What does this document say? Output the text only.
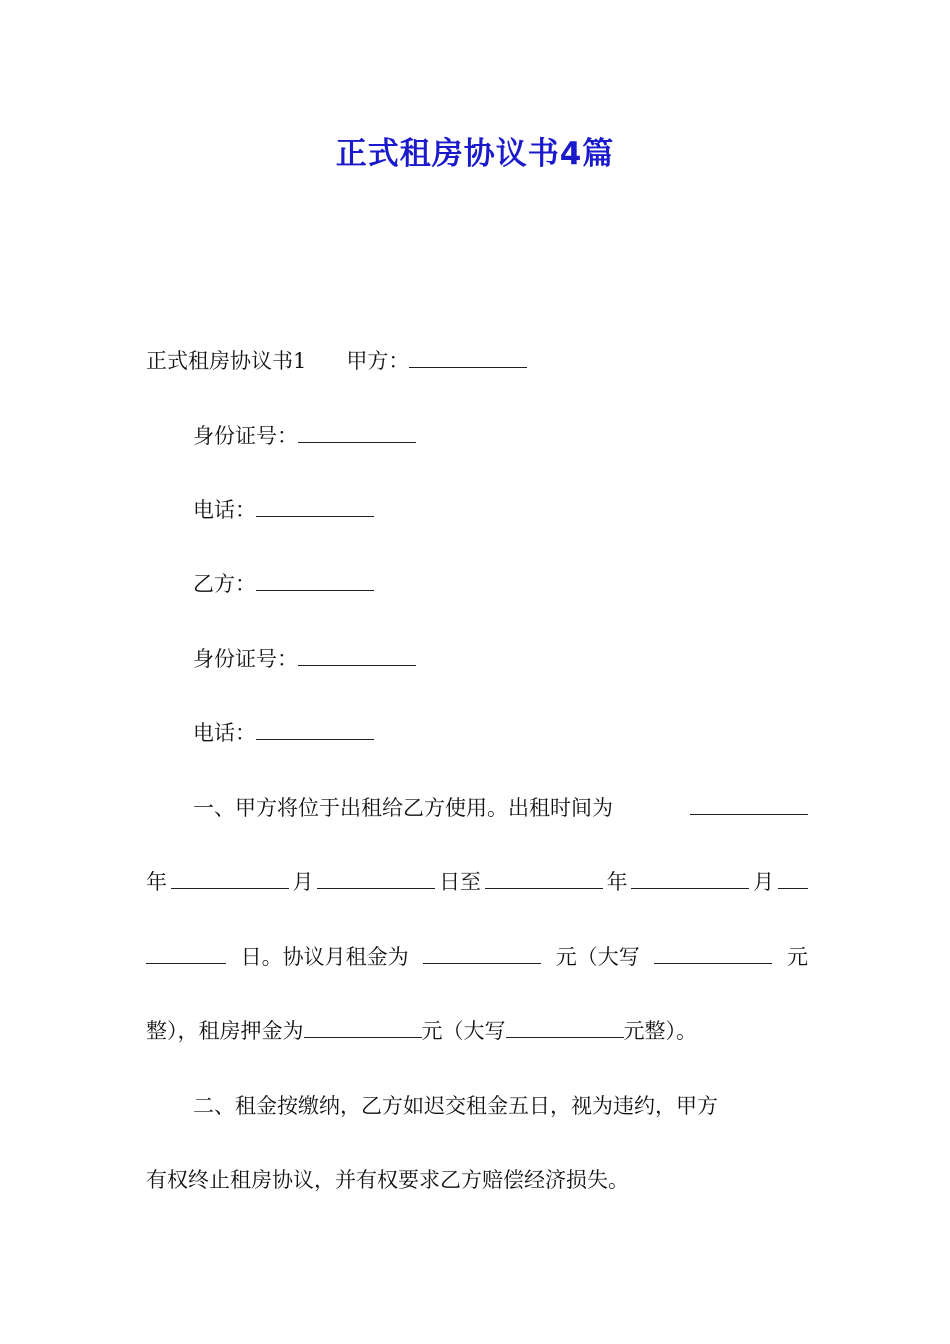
正式租房协议书4篇
正式租房协议书1 甲方：
身份证号：
电话：
乙方：
身份证号：
电话：
一、甲方将位于出租给乙方使用。出租时间为
年	月	日至	年	月
日。协议月租金为	元（大写	元
整），租房押金为	元（大写	元整）。
二、租金按缴纳，乙方如迟交租金五日，视为违约，甲方
有权终止租房协议，并有权要求乙方赔偿经济损失。
